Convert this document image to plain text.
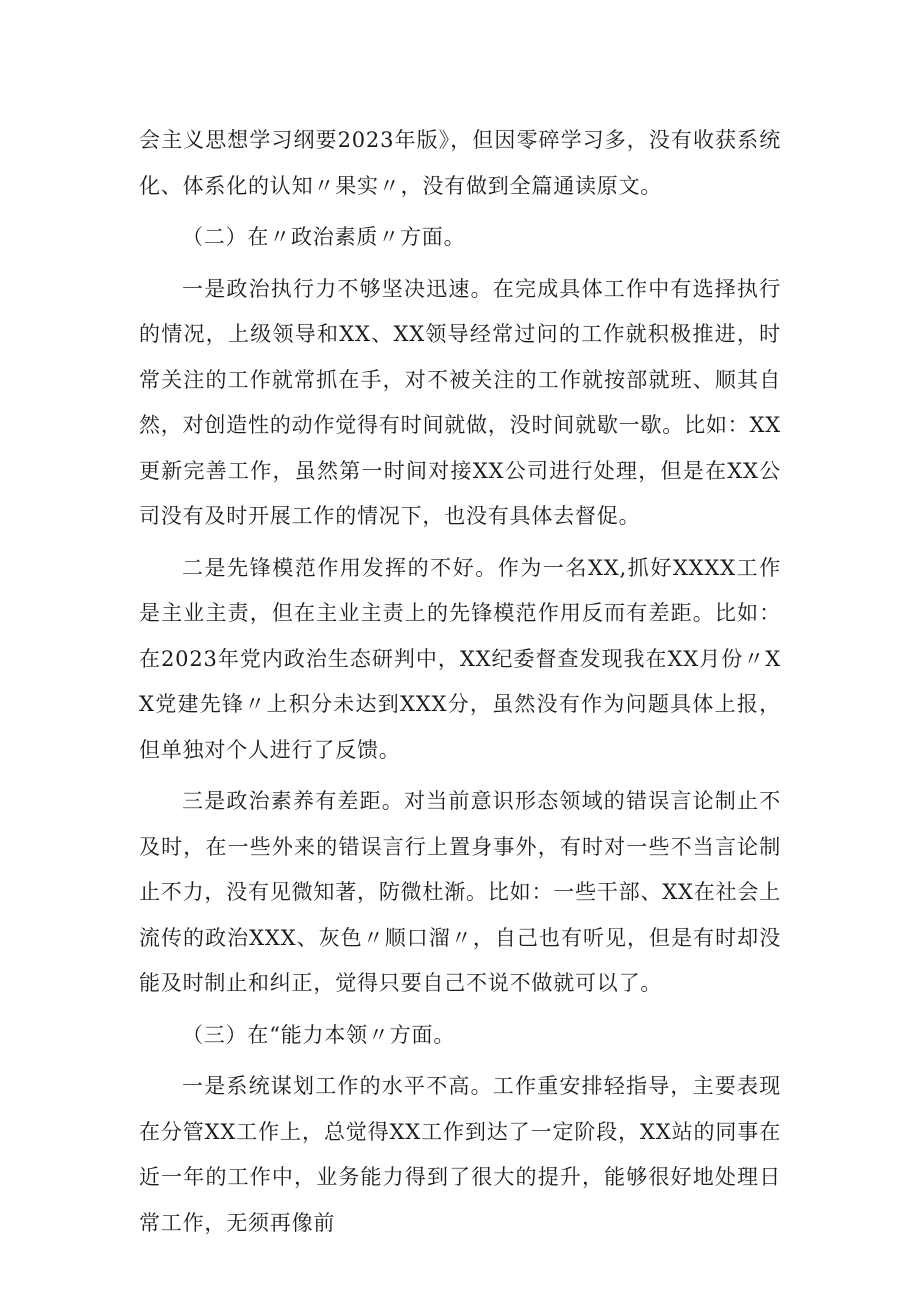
会主义思想学习纲要2023年版》，但因零碎学习多，没有收获系统化、体系化的认知〃果实〃，没有做到全篇通读原文。

（二）在〃政治素质〃方面。

一是政治执行力不够坚决迅速。在完成具体工作中有选择执行的情况，上级领导和XX、XX领导经常过问的工作就积极推进，时常关注的工作就常抓在手，对不被关注的工作就按部就班、顺其自然，对创造性的动作觉得有时间就做，没时间就歇一歇。比如：XX更新完善工作，虽然第一时间对接XX公司进行处理，但是在XX公司没有及时开展工作的情况下，也没有具体去督促。

二是先锋模范作用发挥的不好。作为一名XX,抓好XXXX工作是主业主责，但在主业主责上的先锋模范作用反而有差距。比如：在2023年党内政治生态研判中，XX纪委督查发现我在XX月份〃XX党建先锋〃上积分未达到XXX分，虽然没有作为问题具体上报，但单独对个人进行了反馈。

三是政治素养有差距。对当前意识形态领域的错误言论制止不及时，在一些外来的错误言行上置身事外，有时对一些不当言论制止不力，没有见微知著，防微杜渐。比如：一些干部、XX在社会上流传的政治XXX、灰色〃顺口溜〃，自己也有听见，但是有时却没能及时制止和纠正，觉得只要自己不说不做就可以了。

（三）在“能力本领〃方面。

一是系统谋划工作的水平不高。工作重安排轻指导，主要表现在分管XX工作上，总觉得XX工作到达了一定阶段，XX站的同事在近一年的工作中，业务能力得到了很大的提升，能够很好地处理日常工作，无须再像前
